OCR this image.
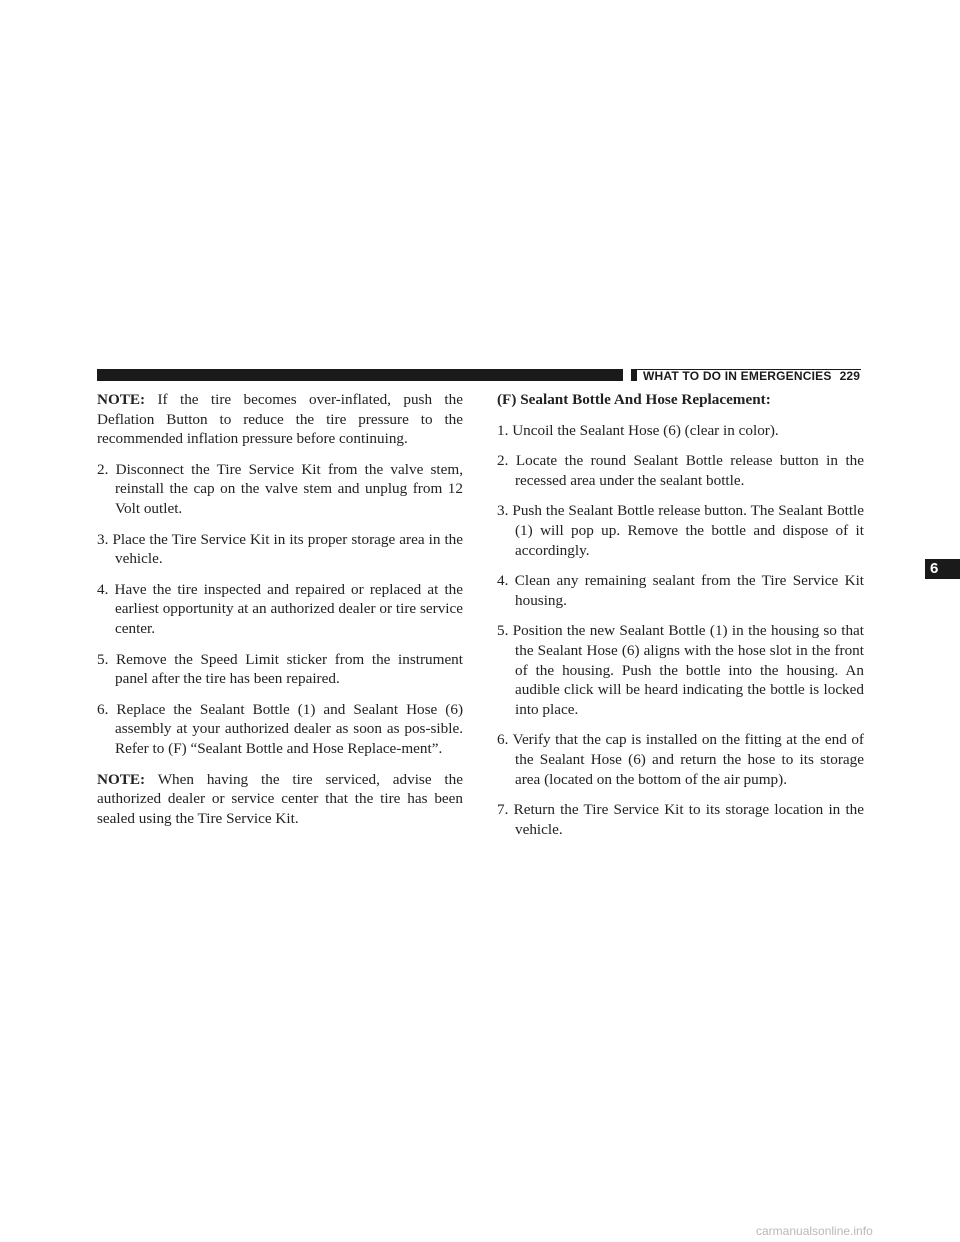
WHAT TO DO IN EMERGENCIES 229
6

NOTE: If the tire becomes over-inflated, push the Deflation Button to reduce the tire pressure to the recommended inflation pressure before continuing.

2. Disconnect the Tire Service Kit from the valve stem, reinstall the cap on the valve stem and unplug from 12 Volt outlet.
3. Place the Tire Service Kit in its proper storage area in the vehicle.
4. Have the tire inspected and repaired or replaced at the earliest opportunity at an authorized dealer or tire service center.
5. Remove the Speed Limit sticker from the instrument panel after the tire has been repaired.
6. Replace the Sealant Bottle (1) and Sealant Hose (6) assembly at your authorized dealer as soon as pos-sible. Refer to (F) “Sealant Bottle and Hose Replace-ment”.

NOTE: When having the tire serviced, advise the authorized dealer or service center that the tire has been sealed using the Tire Service Kit.

(F) Sealant Bottle And Hose Replacement:
1. Uncoil the Sealant Hose (6) (clear in color).
2. Locate the round Sealant Bottle release button in the recessed area under the sealant bottle.
3. Push the Sealant Bottle release button. The Sealant Bottle (1) will pop up. Remove the bottle and dispose of it accordingly.
4. Clean any remaining sealant from the Tire Service Kit housing.
5. Position the new Sealant Bottle (1) in the housing so that the Sealant Hose (6) aligns with the hose slot in the front of the housing. Push the bottle into the housing. An audible click will be heard indicating the bottle is locked into place.
6. Verify that the cap is installed on the fitting at the end of the Sealant Hose (6) and return the hose to its storage area (located on the bottom of the air pump).
7. Return the Tire Service Kit to its storage location in the vehicle.
carmanualsonline.info
